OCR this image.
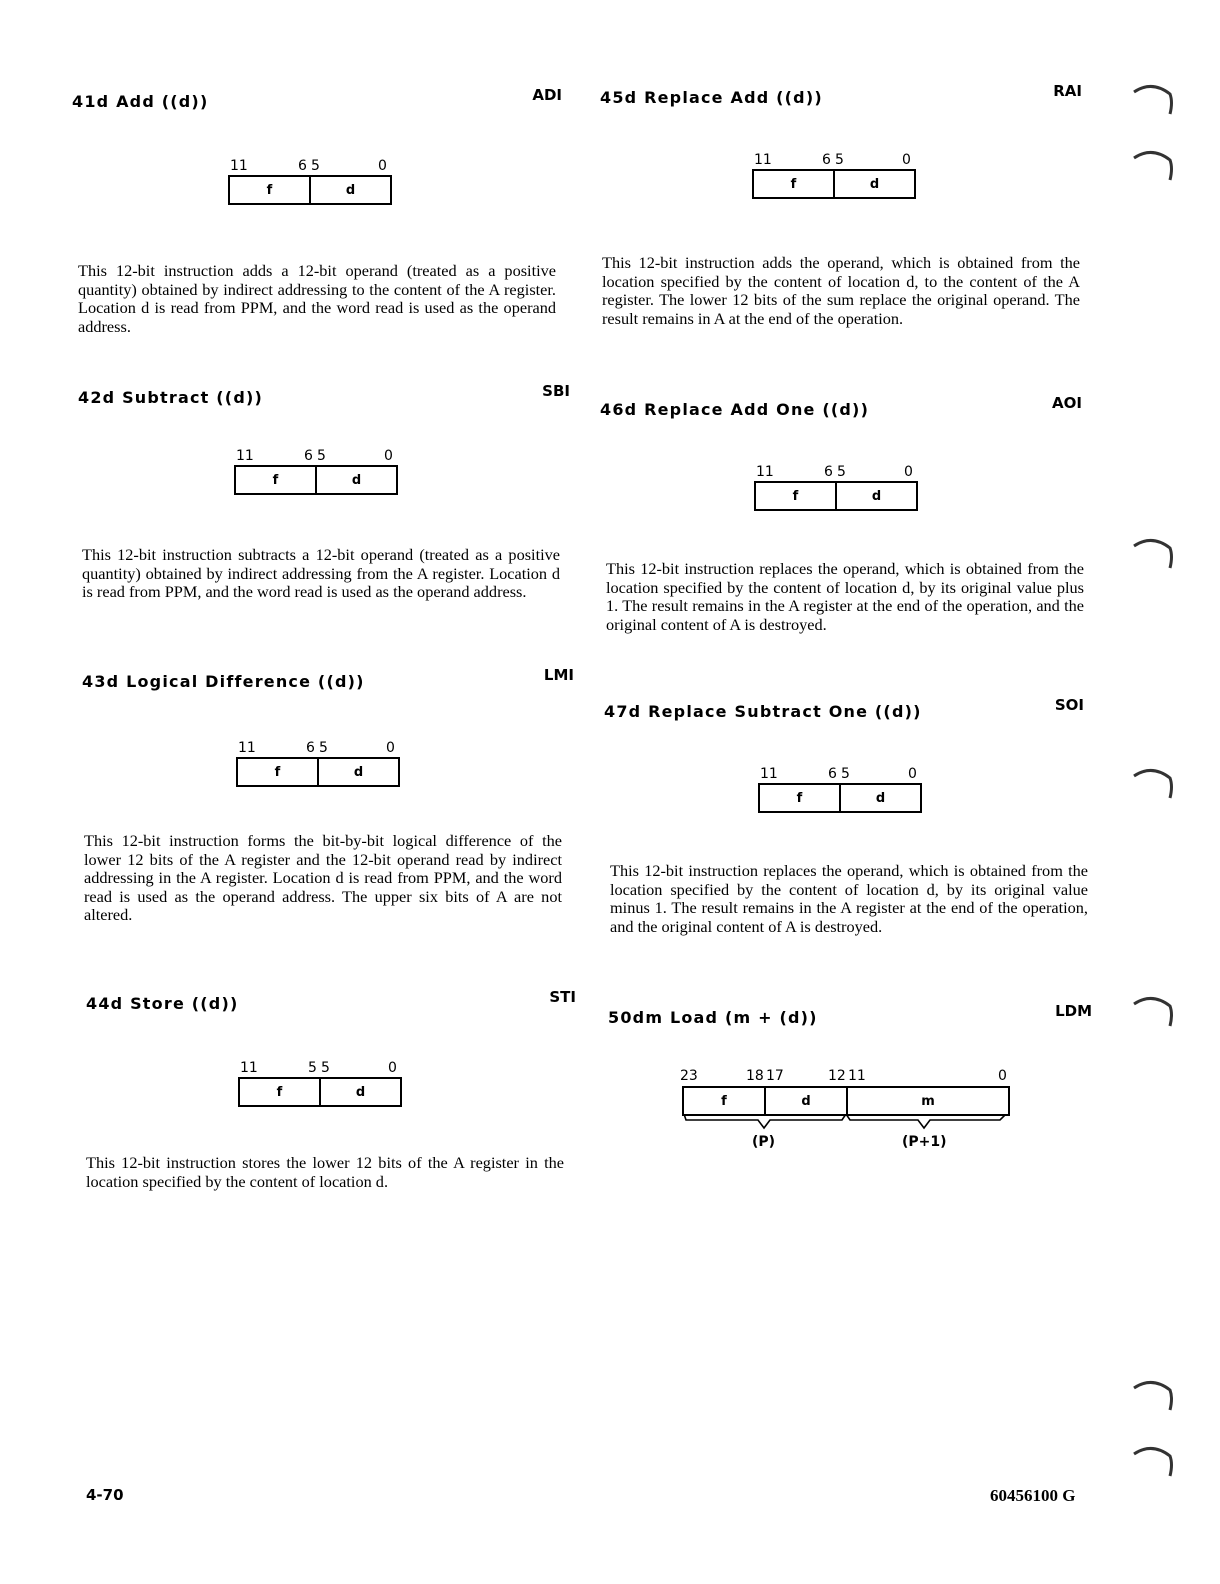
41d Add ((d))	ADI
11	6 5	0
f	d

This 12-bit instruction adds a 12-bit operand (treated as a positive quantity) obtained by indirect addressing to the content of the A register. Location d is read from PPM, and the word read is used as the operand address.

42d Subtract ((d))	SBI
11	6 5	0
f	d

This 12-bit instruction subtracts a 12-bit operand (treated as a positive quantity) obtained by indirect addressing from the A register. Location d is read from PPM, and the word read is used as the operand address.

43d Logical Difference ((d))	LMI
11	6 5	0
f	d

This 12-bit instruction forms the bit-by-bit logical difference of the lower 12 bits of the A register and the 12-bit operand read by indirect addressing in the A register. Location d is read from PPM, and the word read is used as the operand address. The upper six bits of A are not altered.

44d Store ((d))	STI
11	5 5	0
f	d

This 12-bit instruction stores the lower 12 bits of the A register in the location specified by the content of location d.

45d Replace Add ((d))	RAI
11	6 5	0
f	d

This 12-bit instruction adds the operand, which is obtained from the location specified by the content of location d, to the content of the A register. The lower 12 bits of the sum replace the original operand. The result remains in A at the end of the operation.

46d Replace Add One ((d))	AOI
11	6 5	0
f	d

This 12-bit instruction replaces the operand, which is obtained from the location specified by the content of location d, by its original value plus 1. The result remains in the A register at the end of the operation, and the original content of A is destroyed.

47d Replace Subtract One ((d))	SOI
11	6 5	0
f	d

This 12-bit instruction replaces the operand, which is obtained from the location specified by the content of location d, by its original value minus 1. The result remains in the A register at the end of the operation, and the original content of A is destroyed.

50dm Load (m + (d))	LDM
23	18 17	12 11	0
f	d	m
(P)	(P+1)
4-70	60456100 G
